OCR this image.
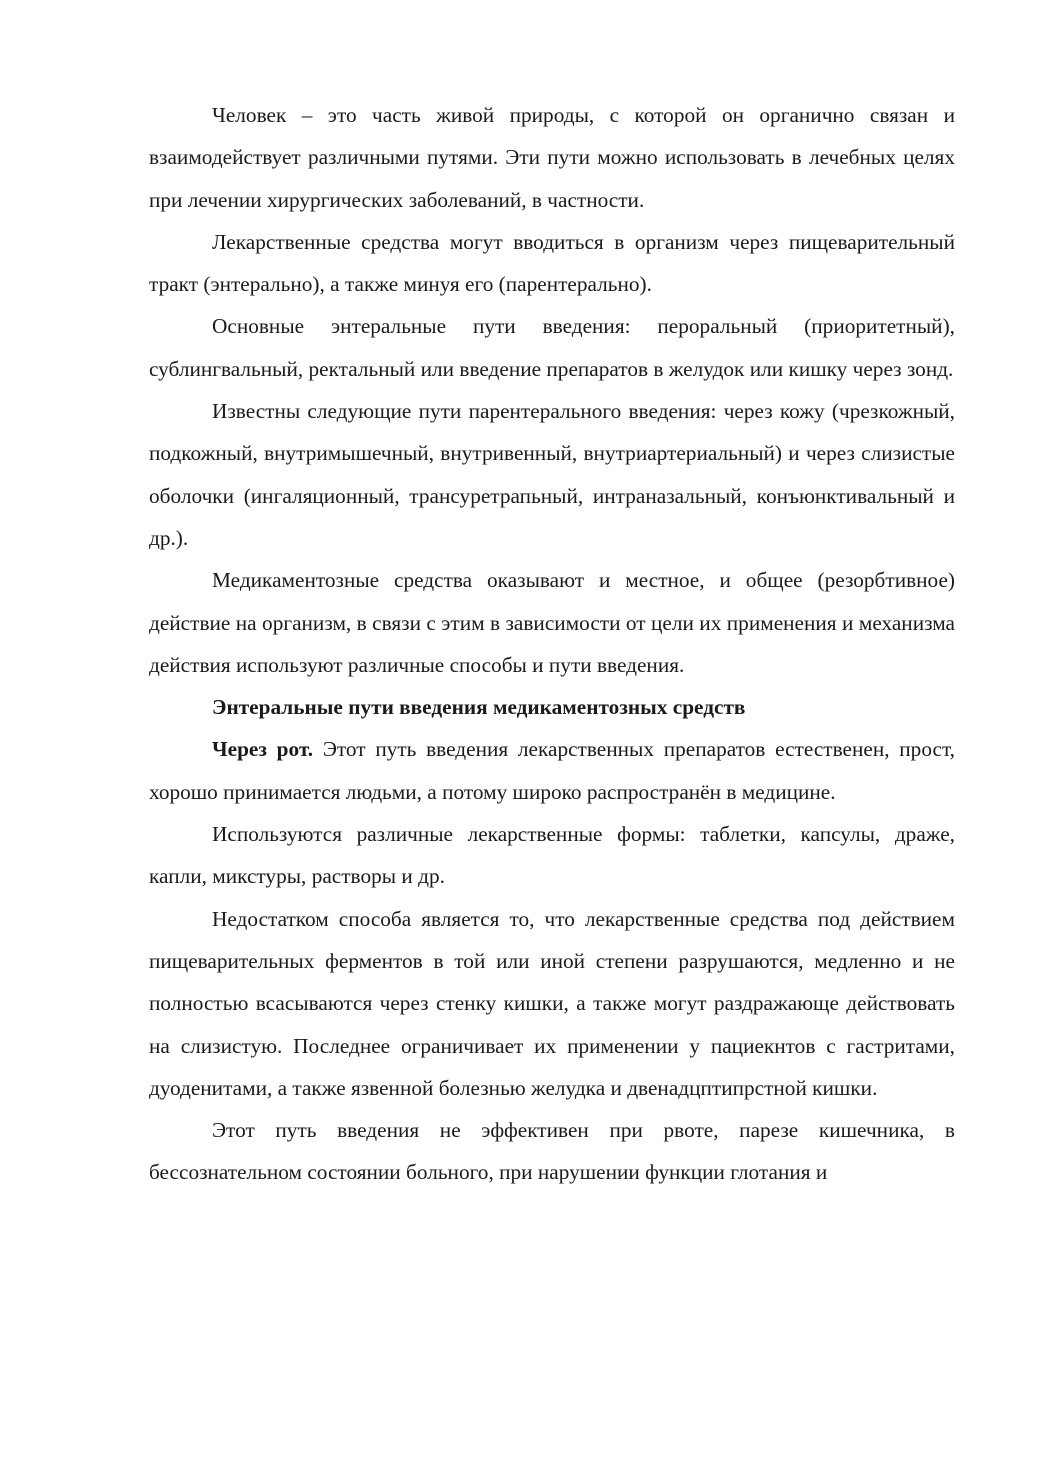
Человек – это часть живой природы, с которой он органично связан и взаимодействует различными путями. Эти пути можно использовать в лечебных целях при лечении хирургических заболеваний, в частности.

Лекарственные средства могут вводиться в организм через пищеварительный тракт (энтерально), а также минуя его (парентерально).

Основные энтеральные пути введения: пероральный (приоритетный), сублингвальный, ректальный или введение препаратов в желудок или кишку через зонд.

Известны следующие пути парентерального введения: через кожу (чрезкожный, подкожный, внутримышечный, внутривенный, внутриартериальный) и через слизистые оболочки (ингаляционный, трансуретрапьный, интраназальный, конъюнктивальный и др.).

Медикаментозные средства оказывают и местное, и общее (резорбтивное) действие на организм, в связи с этим в зависимости от цели их применения и механизма действия используют различные способы и пути введения.

Энтеральные пути введения медикаментозных средств

Через рот. Этот путь введения лекарственных препаратов естественен, прост, хорошо принимается людьми, а потому широко распространён в медицине.

Используются различные лекарственные формы: таблетки, капсулы, драже, капли, микстуры, растворы и др.

Недостатком способа является то, что лекарственные средства под действием пищеварительных ферментов в той или иной степени разрушаются, медленно и не полностью всасываются через стенку кишки, а также могут раздражающе действовать на слизистую. Последнее ограничивает их применении у пациекнтов с гастритами, дуоденитами, а также язвенной болезнью желудка и двенадцптипрстной кишки.

Этот путь введения не эффективен при рвоте, парезе кишечника, в бессознательном состоянии больного, при нарушении функции глотания и
